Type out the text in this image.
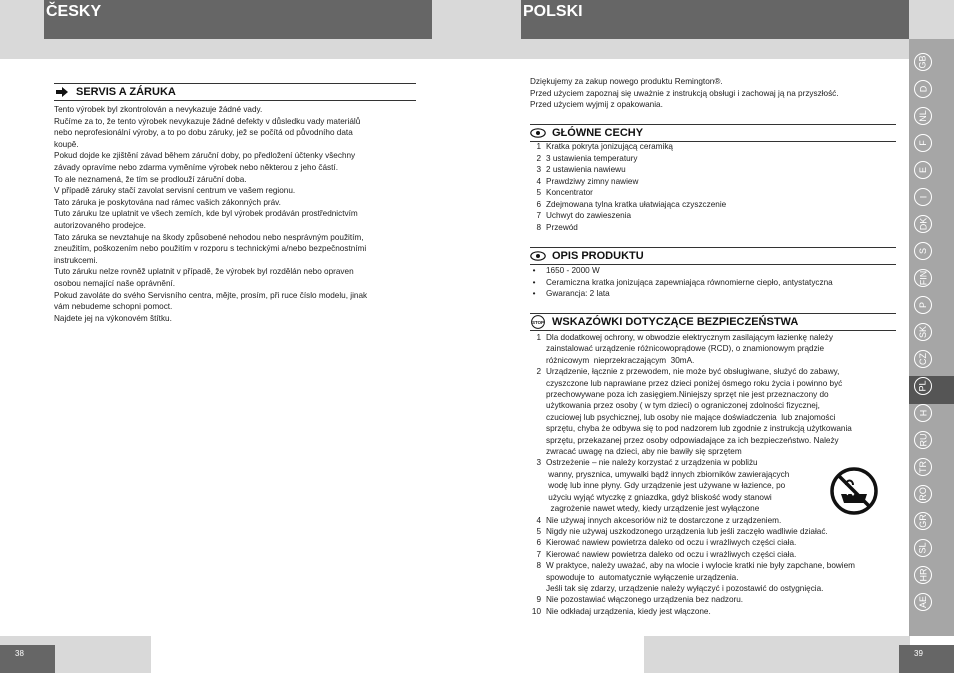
ČESKY
SERVIS A ZÁRUKA
Tento výrobek byl zkontrolován a nevykazuje žádné vady.
Ručíme za to, že tento výrobek nevykazuje žádné defekty v důsledku vady materiálů
nebo neprofesionální výroby, a to po dobu záruky, jež se počítá od původního data
koupě.
Pokud dojde ke zjištění závad během záruční doby, po předložení účtenky všechny
závady opravíme nebo zdarma vyměníme výrobek nebo některou z jeho částí.
To ale neznamená, že tím se prodlouží záruční doba.
V případě záruky stačí zavolat servisní centrum ve vašem regionu.
Tato záruka je poskytována nad rámec vašich zákonných práv.
Tuto záruku lze uplatnit ve všech zemích, kde byl výrobek prodáván prostřednictvím
autorizovaného prodejce.
Tato záruka se nevztahuje na škody způsobené nehodou nebo nesprávným použitím,
zneužitím, poškozením nebo použitím v rozporu s technickými a/nebo bezpečnostními
instrukcemi.
Tuto záruku nelze rovněž uplatnit v případě, že výrobek byl rozdělán nebo opraven
osobou nemající naše oprávnění.
Pokud zavoláte do svého Servisního centra, mějte, prosím, při ruce číslo modelu, jinak
vám nebudeme schopni pomoct.
Najdete jej na výkonovém štítku.
38
POLSKI
Dziękujemy za zakup nowego produktu Remington®.
Przed użyciem zapoznaj się uważnie z instrukcją obsługi i zachowaj ją na przyszłość.
Przed użyciem wyjmij z opakowania.
GŁÓWNE CECHY
1 Kratka pokryta jonizującą ceramiką
2 3 ustawienia temperatury
3 2 ustawienia nawiewu
4 Prawdziwy zimny nawiew
5 Koncentrator
6 Zdejmowana tylna kratka ułatwiająca czyszczenie
7 Uchwyt do zawieszenia
8 Przewód
OPIS PRODUKTU
•	1650 - 2000 W
•	Ceramiczna kratka jonizująca zapewniająca równomierne ciepło, antystatyczna
•	Gwarancja: 2 lata
STOP WSKAZÓWKI DOTYCZĄCE BEZPIECZEŃSTWA
1 Dla dodatkowej ochrony, w obwodzie elektrycznym zasilającym łazienkę należy
zainstalować urządzenie różnicowoprądowe (RCD), o znamionowym prądzie
różnicowym  nieprzekraczającym  30mA.
2 Urządzenie, łącznie z przewodem, nie może być obsługiwane, służyć do zabawy,
czyszczone lub naprawiane przez dzieci poniżej ósmego roku życia i powinno być
przechowywane poza ich zasięgiem.Niniejszy sprzęt nie jest przeznaczony do
użytkowania przez osoby ( w tym dzieci) o ograniczonej zdolności fizycznej,
czuciowej lub psychicznej, lub osoby nie mające doświadczenia  lub znajomości
sprzętu, chyba że odbywa się to pod nadzorem lub zgodnie z instrukcją użytkowania
sprzętu, przekazanej przez osoby odpowiadające za ich bezpieczeństwo. Należy
zwracać uwagę na dzieci, aby nie bawiły się sprzętem
3 Ostrzeżenie – nie należy korzystać z urządzenia w pobliżu
wanny, prysznica, umywalki bądź innych zbiorników zawierających
wodę lub inne płyny. Gdy urządzenie jest używane w łazience, po
użyciu wyjąć wtyczkę z gniazdka, gdyż bliskość wody stanowi
zagrożenie nawet wtedy, kiedy urządzenie jest wyłączone
4 Nie używaj innych akcesoriów niż te dostarczone z urządzeniem.
5 Nigdy nie używaj uszkodzonego urządzenia lub jeśli zaczęło wadliwie działać.
6 Kierować nawiew powietrza daleko od oczu i wrażliwych części ciała.
7 Kierować nawiew powietrza daleko od oczu i wrażliwych części ciała.
8 W praktyce, należy uważać, aby na wlocie i wylocie kratki nie były zapchane, bowiem
spowoduje to  automatycznie wyłączenie urządzenia.
Jeśli tak się zdarzy, urządzenie należy wyłączyć i pozostawić do ostygnięcia.
9 Nie pozostawiać włączonego urządzenia bez nadzoru.
10 Nie odkładaj urządzenia, kiedy jest włączone.
39
GB
D
NL
F
E
I
DK
S
FIN
P
SK
CZ
PL
H
RU
TR
RO
GR
SL
HR
AE
